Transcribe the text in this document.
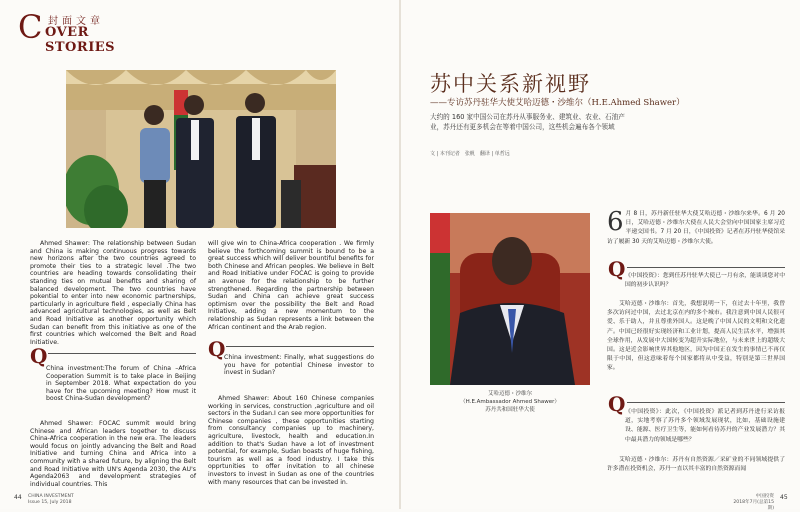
C 封面文章
OVER STORIES

Ahmed Shawer: The relationship between Sudan and China is making continuous progress towards new horizons after the two countries agreed to promote their ties to a strategic level .The two countries are heading towards consolidating their standing ties on mutual benefits and sharing of balanced development. The two countries have pokential to enter into new economic partnerships, particularly in agriculture field , especially China has advanced agricultural technologies, as well as Belt and Road Initiative as another opportunity which Sudan can benefit from this initiative as one of the first countries which welcomed the Belt and Road Initiative.

Q

China investment:The forum of China –Africa Cooperation Summit is to take place in Beijing in September 2018. What expectation do you have for the upcoming meeting? How must it boost China-Sudan development?

Ahmed Shawer: FOCAC summit would bring Chinese and African leaders together to discuss China-Africa cooperation in the new era. The leaders would focus on jointly advancing the Belt and Road Initiative and turning China and Africa into a community with a shared future, by aligning the Belt and Road Initiative with UN's Agenda 2030, the AU's Agenda2063 and development strategies of individual countries. This

will give win to China-Africa cooperation . We firmly believe the forthcoming summit is bound to be a great success which will deliver bountiful benefits for both Chinese and African peoples. We believe in Belt and Road Initiative under FOCAC is going to provide an avenue for the relationship to be further strengthened. Regarding the partnership between Sudan and China can achieve great success optimism over the possibility the Belt and Road Initiative, adding a new momentum to the relationship as Sudan represents a link between the African continent and the Arab region.

Q

China investment: Finally, what suggestions do you have for potential Chinese investor to invest in Sudan?

Ahmed Shawer: About 160 Chinese companies working in services, construction ,agriculture and oil sectors in the Sudan.I can see more opportunities for Chinese companies , these opportunities starting from consultancy companies up to machinery, agriculture, livestock, health and education.In addition to that's Sudan have a lot of investment potential, for example, Sudan boasts of huge fishing, tourism as well as a food industry. I take this opprtunities to offer invitation to all chinese investors to invest in Sudan as one of the countries with many resources that can be invested in.

苏中关系新视野
——专访苏丹驻华大使艾哈迈德・沙维尔（H.E.Ahmed Shawer）
大约的 160 家中国公司在苏丹从事服务业、建筑业、农业、石油产业，苏丹还有更多机会在等着中国公司，这些机会遍布各个领域
文 | 本刊记者　张帆　翻译 | 单哲远
艾哈迈德・沙维尔
（H.E.Ambassador Ahmed Shawer）
苏丹共和国驻华大使
6 月 8 日，苏丹新任驻华大使艾哈迈德・沙维尔来华。6 月 20 日，艾哈迈德・沙维尔大使在人民大会堂向中国国家主席习近平递交国书。7 月 20 日，《中国投资》记者在苏丹驻华使馆采访了履新 30 天的艾哈迈德・沙维尔大使。
Q 《中国投资》：您到任苏丹驻华大使已一月有余，能谈谈您对中国的初步认识吗？

艾哈迈德・沙维尔：首先，我想说明一下，在过去十年里，我曾多次访问过中国，去过北京在内的多个城市。我注意到中国人民很可爱、乐于助人，并且尊重外国人。这是晚了中国人民的文明和文化遗产。中国已经很好实现经济和工业计划，提高人民生活水平，增强其全球作用，从发展中大国转变为超升实际地位，与未来世上的超级大国。这是近会影响世界其他地区，因为中国正在发生的事情已不再仅限于中国，但这意味着每个国家都将从中受益，特别是第三世界国家。

Q 《中国投资》：此次，《中国投资》派记者到苏丹进行采访报道，实地考察了苏丹多个领域发展现状，比如，基础设施建设、能源、医疗卫生等，能如何看待苏丹的产业发展潜力？其中最具潜力的领域是哪些？

艾哈迈德・沙维尔：苏丹有自然资源／采矿业的不同领域提供了许多潜在投资机会，苏丹一直以其丰富的自然资源而闻

44 CHINA INVESTMENT
Issue 15, July 2018
中国投资
2018年7月(总第15期)
45
